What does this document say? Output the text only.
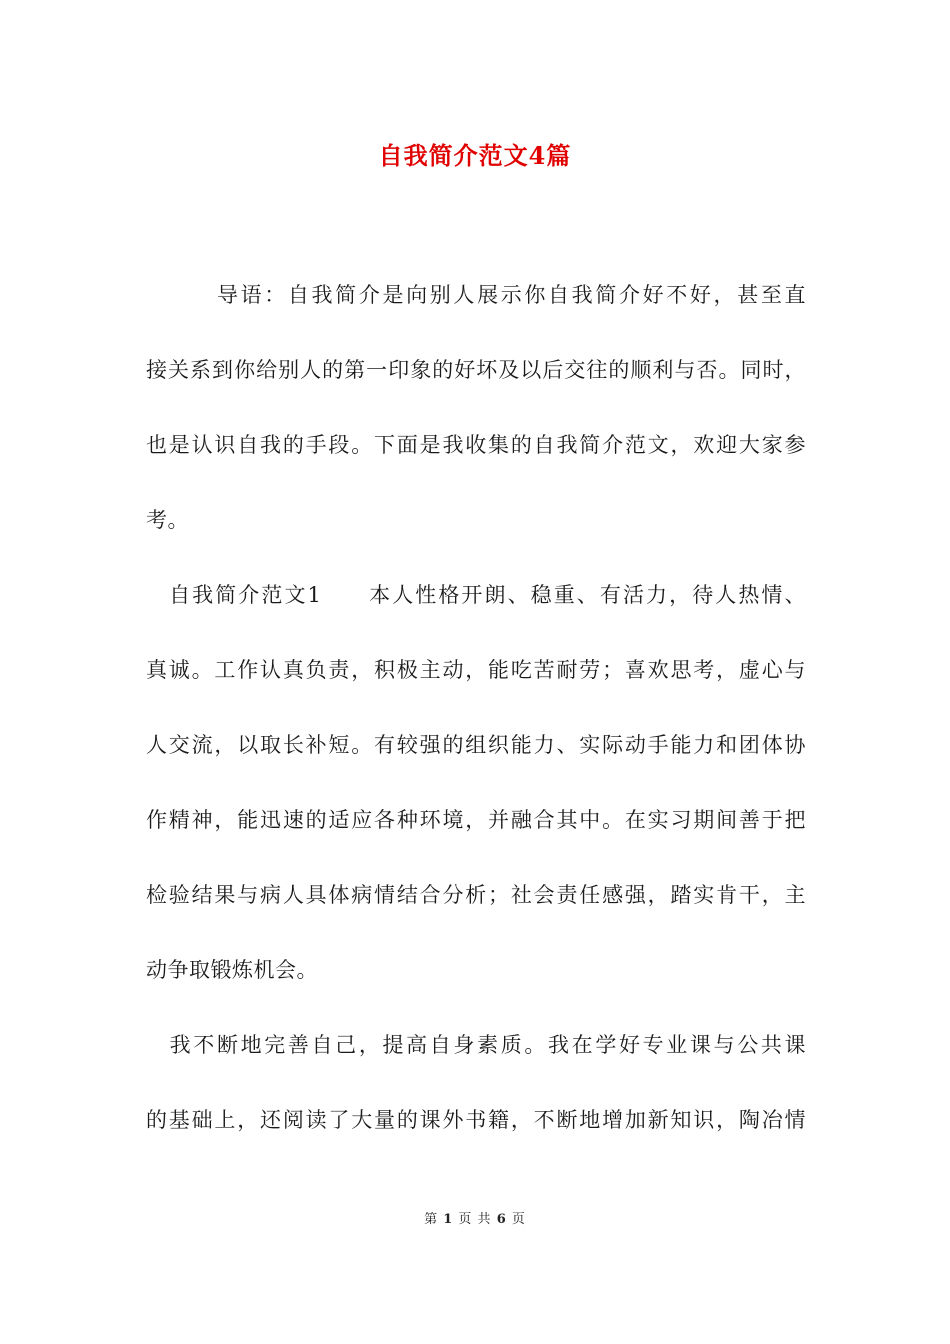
自我简介范文4篇
　　　导语：自我简介是向别人展示你自我简介好不好，甚至直
接关系到你给别人的第一印象的好坏及以后交往的顺利与否。同时，
也是认识自我的手段。下面是我收集的自我简介范文，欢迎大家参
考。
　自我简介范文1　　本人性格开朗、稳重、有活力，待人热情、
真诚。工作认真负责，积极主动，能吃苦耐劳；喜欢思考，虚心与
人交流，以取长补短。有较强的组织能力、实际动手能力和团体协
作精神，能迅速的适应各种环境，并融合其中。在实习期间善于把
检验结果与病人具体病情结合分析；社会责任感强，踏实肯干，主
动争取锻炼机会。
　我不断地完善自己，提高自身素质。我在学好专业课与公共课
的基础上，还阅读了大量的课外书籍，不断地增加新知识，陶冶情
第 1 页 共 6 页
